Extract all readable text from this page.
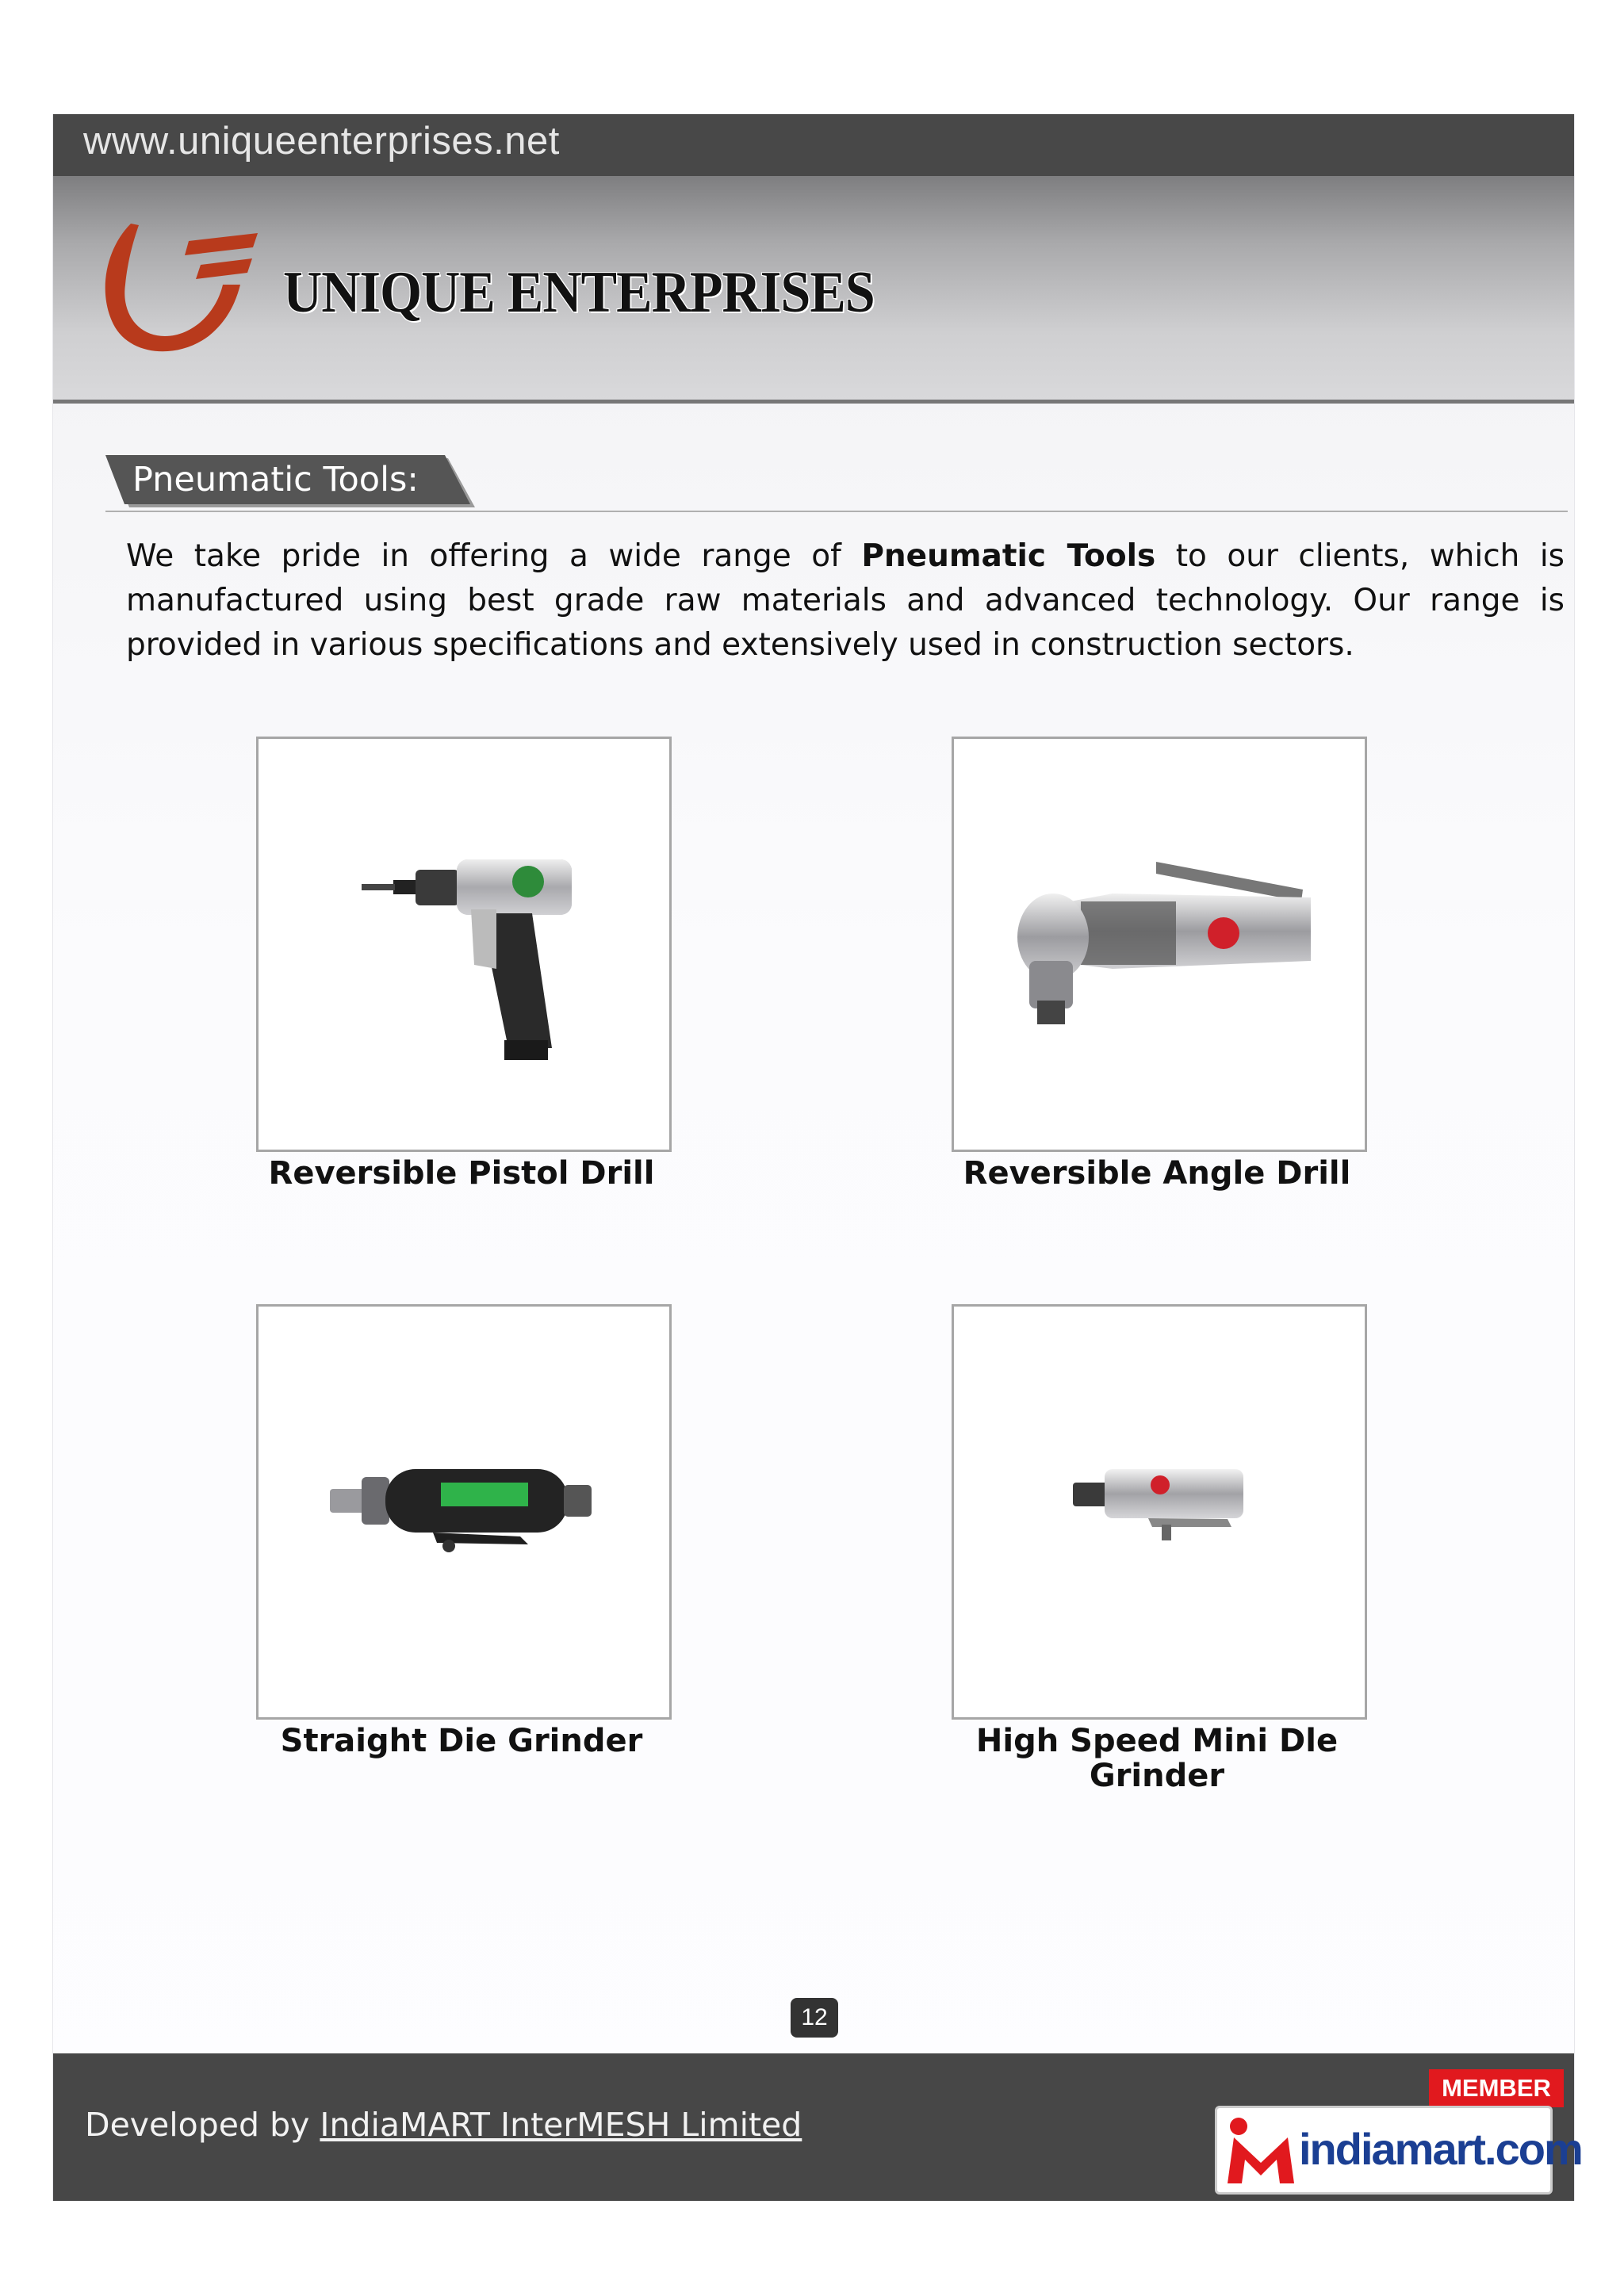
www.uniqueenterprises.net
UNIQUE ENTERPRISES
Pneumatic Tools:
We take pride in offering a wide range of Pneumatic Tools to our clients, which is manufactured using best grade raw materials and advanced technology. Our range is provided in various specifications and extensively used in construction sectors.
Reversible Pistol Drill	Reversible Angle Drill
Straight Die Grinder	High Speed Mini Dle Grinder
12
Developed by IndiaMART InterMESH Limited
MEMBER
indiamart.com
